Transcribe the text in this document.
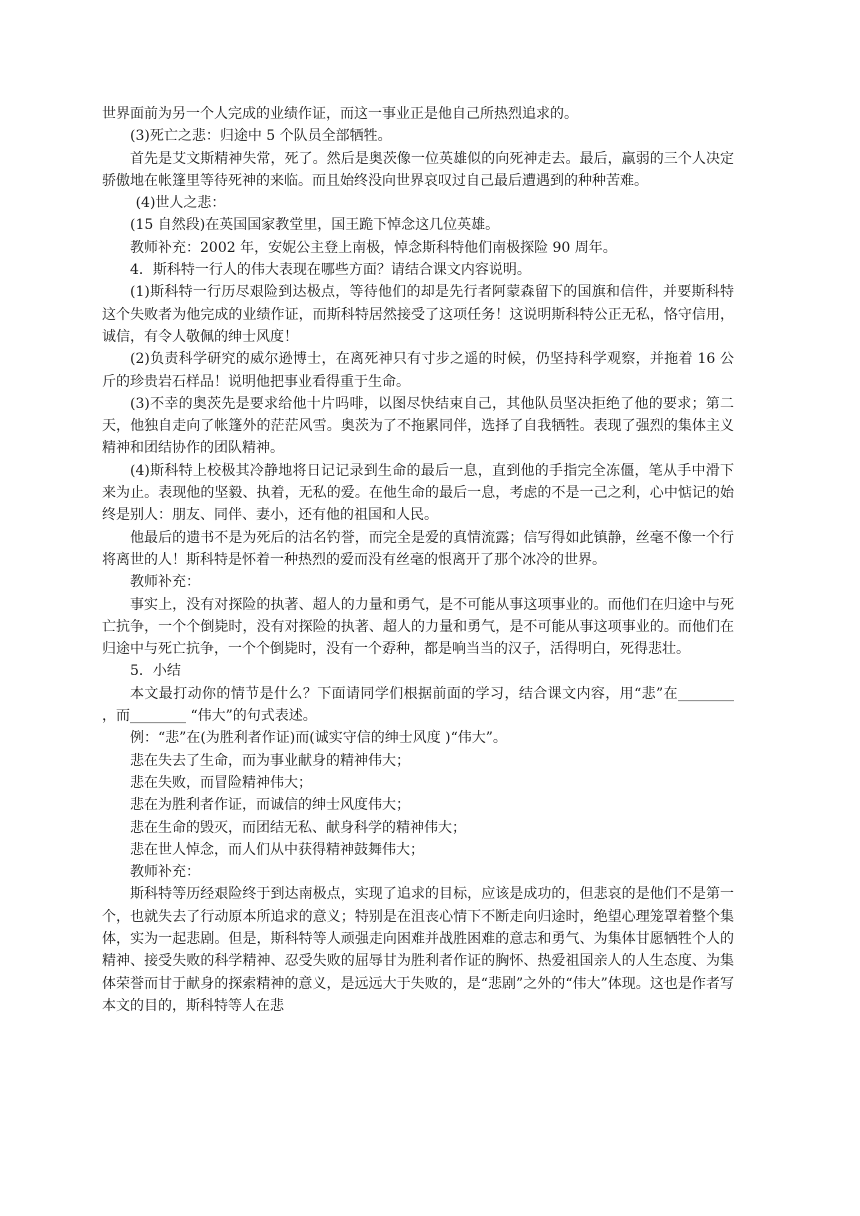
世界面前为另一个人完成的业绩作证，而这一事业正是他自己所热烈追求的。

(3)死亡之悲：归途中 5 个队员全部牺牲。

首先是艾文斯精神失常，死了。然后是奥茨像一位英雄似的向死神走去。最后，羸弱的三个人决定骄傲地在帐篷里等待死神的来临。而且始终没向世界哀叹过自己最后遭遇到的种种苦难。

(4)世人之悲：

(15 自然段)在英国国家教堂里，国王跪下悼念这几位英雄。

教师补充：2002 年，安妮公主登上南极，悼念斯科特他们南极探险 90 周年。

4．斯科特一行人的伟大表现在哪些方面？请结合课文内容说明。

(1)斯科特一行历尽艰险到达极点，等待他们的却是先行者阿蒙森留下的国旗和信件，并要斯科特这个失败者为他完成的业绩作证，而斯科特居然接受了这项任务！这说明斯科特公正无私，恪守信用，诚信，有令人敬佩的绅士风度！

(2)负责科学研究的威尔逊博士，在离死神只有寸步之遥的时候，仍坚持科学观察，并拖着 16 公斤的珍贵岩石样品！说明他把事业看得重于生命。

(3)不幸的奥茨先是要求给他十片吗啡，以图尽快结束自己，其他队员坚决拒绝了他的要求；第二天，他独自走向了帐篷外的茫茫风雪。奥茨为了不拖累同伴，选择了自我牺牲。表现了强烈的集体主义精神和团结协作的团队精神。

(4)斯科特上校极其冷静地将日记记录到生命的最后一息，直到他的手指完全冻僵，笔从手中滑下来为止。表现他的坚毅、执着，无私的爱。在他生命的最后一息，考虑的不是一己之利，心中惦记的始终是别人：朋友、同伴、妻小，还有他的祖国和人民。

他最后的遗书不是为死后的沽名钓誉，而完全是爱的真情流露；信写得如此镇静，丝毫不像一个行将离世的人！斯科特是怀着一种热烈的爱而没有丝毫的恨离开了那个冰冷的世界。

教师补充：

事实上，没有对探险的执著、超人的力量和勇气，是不可能从事这项事业的。而他们在归途中与死亡抗争，一个个倒毙时，没有对探险的执著、超人的力量和勇气，是不可能从事这项事业的。而他们在归途中与死亡抗争，一个个倒毙时，没有一个孬种，都是响当当的汉子，活得明白，死得悲壮。

5．小结

本文最打动你的情节是什么？下面请同学们根据前面的学习，结合课文内容，用“悲”在________ ，而________ “伟大”的句式表述。

例：“悲”在(为胜利者作证)而(诚实守信的绅士风度 )“伟大”。

悲在失去了生命，而为事业献身的精神伟大；

悲在失败，而冒险精神伟大；

悲在为胜利者作证，而诚信的绅士风度伟大；

悲在生命的毁灭，而团结无私、献身科学的精神伟大；

悲在世人悼念，而人们从中获得精神鼓舞伟大；

教师补充：

斯科特等历经艰险终于到达南极点，实现了追求的目标，应该是成功的，但悲哀的是他们不是第一个，也就失去了行动原本所追求的意义；特别是在沮丧心情下不断走向归途时，绝望心理笼罩着整个集体，实为一起悲剧。但是，斯科特等人顽强走向困难并战胜困难的意志和勇气、为集体甘愿牺牲个人的精神、接受失败的科学精神、忍受失败的屈辱甘为胜利者作证的胸怀、热爱祖国亲人的人生态度、为集体荣誉而甘于献身的探索精神的意义，是远远大于失败的，是“悲剧”之外的“伟大”体现。这也是作者写本文的目的，斯科特等人在悲
